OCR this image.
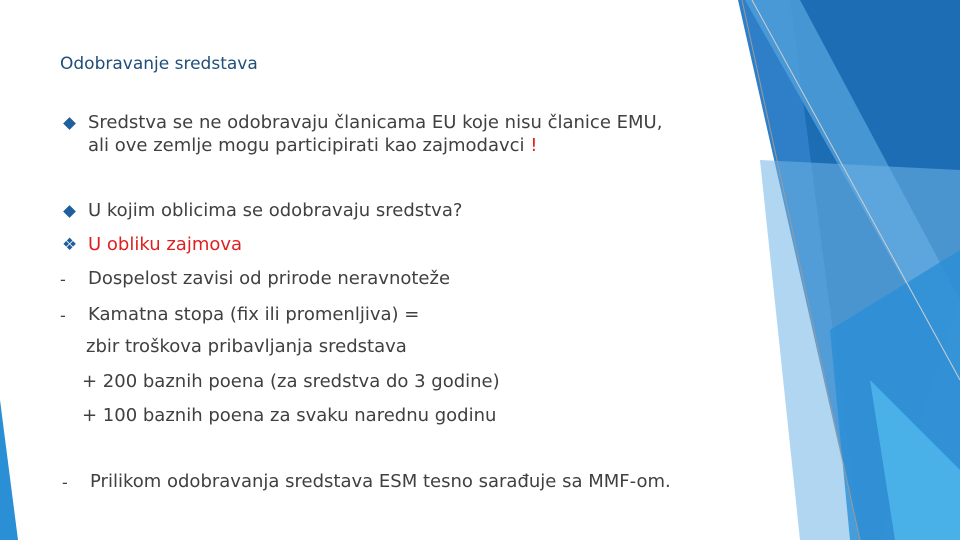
Odobravanje sredstava
Sredstva se ne odobravaju članicama EU koje nisu članice EMU,
ali ove zemlje mogu participirati kao zajmodavci !
U kojim oblicima se odobravaju sredstva?
❖ U obliku zajmova
- Dospelost zavisi od prirode neravnoteže
- Kamatna stopa (fix ili promenljiva) =
zbir troškova pribavljanja sredstava
+ 200 baznih poena (za sredstva do 3 godine)
+ 100 baznih poena za svaku narednu godinu
- Prilikom odobravanja sredstava ESM tesno sarađuje sa MMF-om.
